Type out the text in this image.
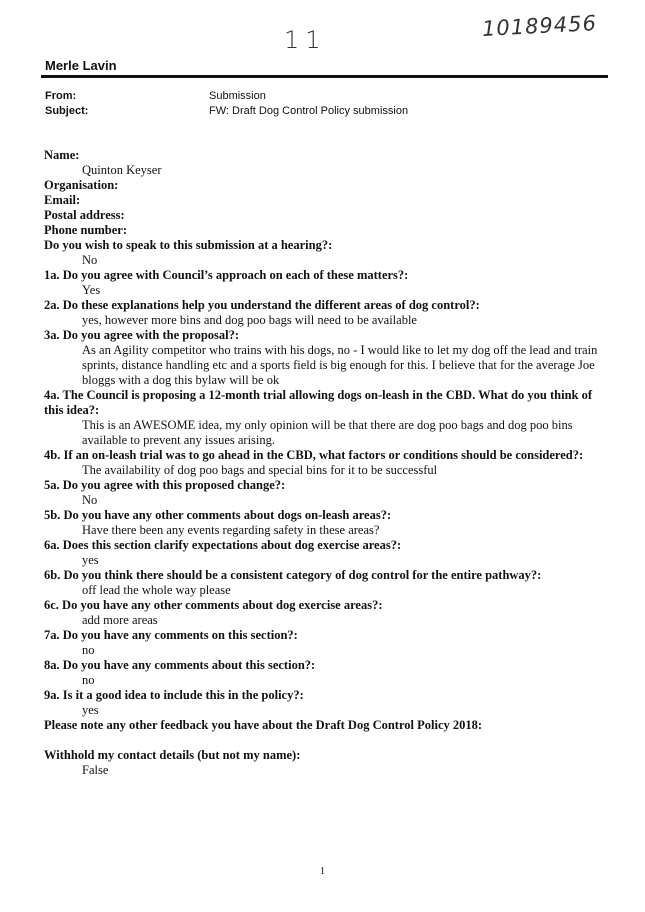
11	10189456
Merle Lavin
From:	Submission
Subject:	FW: Draft Dog Control Policy submission
Name:
Quinton Keyser
Organisation:
Email:
Postal address:
Phone number:
Do you wish to speak to this submission at a hearing?:
No
1a. Do you agree with Council’s approach on each of these matters?:
Yes
2a. Do these explanations help you understand the different areas of dog control?:
yes, however more bins and dog poo bags will need to be available
3a. Do you agree with the proposal?:
As an Agility competitor who trains with his dogs, no - I would like to let my dog off the lead and train sprints, distance handling etc and a sports field is big enough for this. I believe that for the average Joe bloggs with a dog this bylaw will be ok
4a. The Council is proposing a 12-month trial allowing dogs on-leash in the CBD. What do you think of this idea?:
This is an AWESOME idea, my only opinion will be that there are dog poo bags and dog poo bins available to prevent any issues arising.
4b. If an on-leash trial was to go ahead in the CBD, what factors or conditions should be considered?:
The availability of dog poo bags and special bins for it to be successful
5a. Do you agree with this proposed change?:
No
5b. Do you have any other comments about dogs on-leash areas?:
Have there been any events regarding safety in these areas?
6a. Does this section clarify expectations about dog exercise areas?:
yes
6b. Do you think there should be a consistent category of dog control for the entire pathway?:
off lead the whole way please
6c. Do you have any other comments about dog exercise areas?:
add more areas
7a. Do you have any comments on this section?:
no
8a. Do you have any comments about this section?:
no
9a. Is it a good idea to include this in the policy?:
yes
Please note any other feedback you have about the Draft Dog Control Policy 2018:
Withhold my contact details (but not my name):
False
1
